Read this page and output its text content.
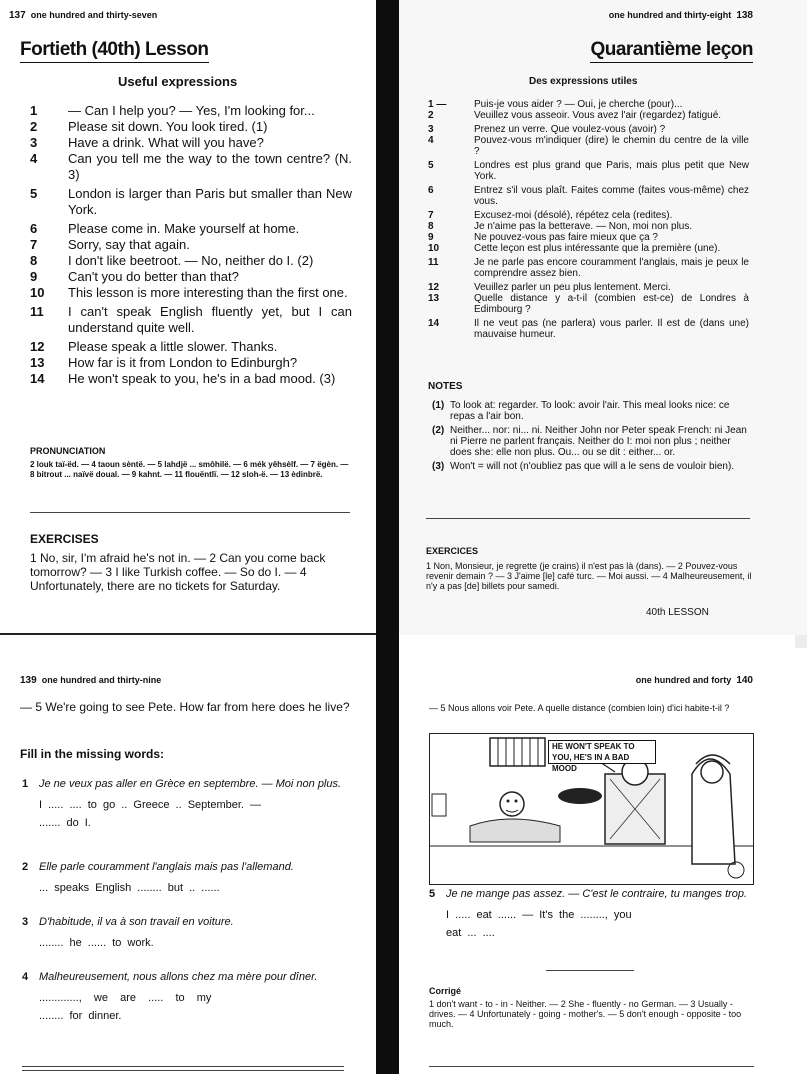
137 one hundred and thirty-seven
Fortieth (40th) Lesson
Useful expressions
1	— Can I help you? — Yes, I'm looking for...
2	Please sit down. You look tired. (1)
3	Have a drink. What will you have?
4	Can you tell me the way to the town centre? (N. 3)
5	London is larger than Paris but smaller than New York.
6	Please come in. Make yourself at home.
7	Sorry, say that again.
8	I don't like beetroot. — No, neither do I. (2)
9	Can't you do better than that?
10	This lesson is more interesting than the first one.
11	I can't speak English fluently yet, but I can understand quite well.
12	Please speak a little slower. Thanks.
13	How far is it from London to Edinburgh?
14	He won't speak to you, he's in a bad mood. (3)
PRONUNCIATION
2 louk taï-ëd. — 4 taoun sèntë. — 5 lahdjë ... smôhilë. — 6 mék yêhsèlf. — 7 ëgèn. — 8 bitrout ... naïvë doual. — 9 kahnt. — 11 flouëntlï. — 12 sloh-ë. — 13 èdinbrë.
EXERCISES
1 No, sir, I'm afraid he's not in. — 2 Can you come back tomorrow? — 3 I like Turkish coffee. — So do I. — 4 Unfortunately, there are no tickets for Saturday.
one hundred and thirty-eight 138
Quarantième leçon
Des expressions utiles
1 —	Puis-je vous aider ? — Oui, je cherche (pour)...
2	Veuillez vous asseoir. Vous avez l'air (regardez) fatigué.
3	Prenez un verre. Que voulez-vous (avoir) ?
4	Pouvez-vous m'indiquer (dire) le chemin du centre de la ville ?
5	Londres est plus grand que Paris, mais plus petit que New York.
6	Entrez s'il vous plaît. Faites comme (faites vous-même) chez vous.
7	Excusez-moi (désolé), répétez cela (redites).
8	Je n'aime pas la betterave. — Non, moi non plus.
9	Ne pouvez-vous pas faire mieux que ça ?
10	Cette leçon est plus intéressante que la première (une).
11	Je ne parle pas encore couramment l'anglais, mais je peux le comprendre assez bien.
12	Veuillez parler un peu plus lentement. Merci.
13	Quelle distance y a-t-il (combien est-ce) de Londres à Edimbourg ?
14	Il ne veut pas (ne parlera) vous parler. Il est de (dans une) mauvaise humeur.
NOTES
(1) To look at: regarder. To look: avoir l'air. This meal looks nice: ce repas a l'air bon.
(2) Neither... nor: ni... ni. Neither John nor Peter speak French: ni Jean ni Pierre ne parlent français. Neither do I: moi non plus ; neither does she: elle non plus. Ou... ou se dit : either... or.
(3) Won't = will not (n'oubliez pas que will a le sens de vouloir bien).
EXERCICES
1 Non, Monsieur, je regrette (je crains) il n'est pas là (dans). — 2 Pouvez-vous revenir demain ? — 3 J'aime [le] café turc. — Moi aussi. — 4 Malheureusement, il n'y a pas [de] billets pour samedi.
40th LESSON
139 one hundred and thirty-nine
— 5 We're going to see Pete. How far from here does he live?
Fill in the missing words:
1 Je ne veux pas aller en Grèce en septembre. — Moi non plus.
I ..... .... to go .. Greece .. September. —
....... do I.
2 Elle parle couramment l'anglais mais pas l'allemand.
... speaks English ........ but .. ......
3 D'habitude, il va à son travail en voiture.
........ he ...... to work.
4 Malheureusement, nous allons chez ma mère pour dîner.
.............,  we  are  .....  to  my
........ for dinner.
one hundred and forty 140
— 5 Nous allons voir Pete. A quelle distance (combien loin) d'ici habite-t-il ?
HE WON'T SPEAK TO YOU, HE'S IN A BAD MOOD
5 Je ne mange pas assez. — C'est le contraire, tu manges trop.
I ..... eat ...... — It's the ........, you
eat ... ....
Corrigé
1 don't want - to - in - Neither. — 2 She - fluently - no German. — 3 Usually - drives. — 4 Unfortunately - going - mother's. — 5 don't enough - opposite - too much.
